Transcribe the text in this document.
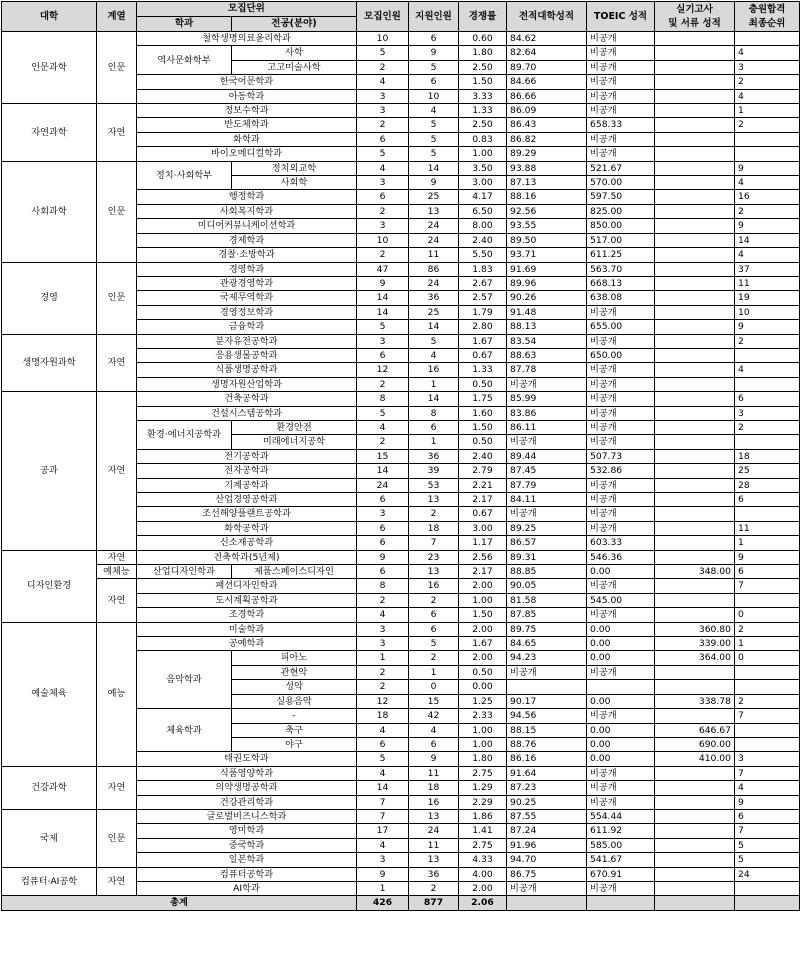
대학	계열	모집단위		모집인원	지원인원	경쟁률	전적대학성적	TOEIC 성적	실기고사
및 서류 성적	충원합격
최종순위
		학과	전공(분야)							
인문과학	인문	철학생명의료윤리학과		10	6	0.60	84.62	비공개		
		역사문화학부	사학	5	9	1.80	82.64	비공개		4
			고고미술사학	2	5	2.50	89.70	비공개		3
		한국어문학과		4	6	1.50	84.66	비공개		2
		아동학과		3	10	3.33	86.66	비공개		4
자연과학	자연	정보수학과		3	4	1.33	86.09	비공개		1
		반도체학과		2	5	2.50	86.43	658.33		2
		화학과		6	5	0.83	86.82	비공개		
		바이오메디컬학과		5	5	1.00	89.29	비공개		
사회과학	인문	정치·사회학부	정치외교학	4	14	3.50	93.88	521.67		9
			사회학	3	9	3.00	87.13	570.00		4
		행정학과		6	25	4.17	88.16	597.50		16
		사회복지학과		2	13	6.50	92.56	825.00		2
		미디어커뮤니케이션학과		3	24	8.00	93.55	850.00		9
		경제학과		10	24	2.40	89.50	517.00		14
		경찰·소방학과		2	11	5.50	93.71	611.25		4
경영	인문	경영학과		47	86	1.83	91.69	563.70		37
		관광경영학과		9	24	2.67	89.96	668.13		11
		국제무역학과		14	36	2.57	90.26	638.08		19
		경영정보학과		14	25	1.79	91.48	비공개		10
		금융학과		5	14	2.80	88.13	655.00		9
생명자원과학	자연	분자유전공학과		3	5	1.67	83.54	비공개		2
		응용생물공학과		6	4	0.67	88.63	650.00		
		식품생명공학과		12	16	1.33	87.78	비공개		4
		생명자원산업학과		2	1	0.50	비공개	비공개		
공과	자연	건축공학과		8	14	1.75	85.99	비공개		6
		건설시스템공학과		5	8	1.60	83.86	비공개		3
		환경·에너지공학과	환경안전	4	6	1.50	86.11	비공개		2
			미래에너지공학	2	1	0.50	비공개	비공개		
		전기공학과		15	36	2.40	89.44	507.73		18
		전자공학과		14	39	2.79	87.45	532.86		25
		기계공학과		24	53	2.21	87.79	비공개		28
		산업경영공학과		6	13	2.17	84.11	비공개		6
		조선해양플랜트공학과		3	2	0.67	비공개	비공개		
		화학공학과		6	18	3.00	89.25	비공개		11
		신소재공학과		6	7	1.17	86.57	603.33		1
디자인환경	자연	건축학과(5년제)		9	23	2.56	89.31	546.36		9
	예체능	산업디자인학과	제품스페이스디자인	6	13	2.17	88.85	0.00	348.00	6
	자연	패션디자인학과		8	16	2.00	90.05	비공개		7
		도시계획공학과		2	2	1.00	81.58	545.00		
		조경학과		4	6	1.50	87.85	비공개		0
예술체육	예능	미술학과		3	6	2.00	89.75	0.00	360.80	2
		공예학과		3	5	1.67	84.65	0.00	339.00	1
		음악학과	피아노	1	2	2.00	94.23	0.00	364.00	0
			관현악	2	1	0.50	비공개	비공개		
			성악	2	0	0.00				
			실용음악	12	15	1.25	90.17	0.00	338.78	2
		체육학과	-	18	42	2.33	94.56	비공개		7
			축구	4	4	1.00	88.15	0.00	646.67	
			야구	6	6	1.00	88.76	0.00	690.00	
		태권도학과		5	9	1.80	86.16	0.00	410.00	3
건강과학	자연	식품영양학과		4	11	2.75	91.64	비공개		7
		의약생명공학과		14	18	1.29	87.23	비공개		4
		건강관리학과		7	16	2.29	90.25	비공개		9
국제	인문	글로벌비즈니스학과		7	13	1.86	87.55	554.44		6
		영미학과		17	24	1.41	87.24	611.92		7
		중국학과		4	11	2.75	91.96	585.00		5
		일본학과		3	13	4.33	94.70	541.67		5
컴퓨터·AI공학	자연	컴퓨터공학과		9	36	4.00	86.75	670.91		24
		AI학과		1	2	2.00	비공개	비공개		
총계				426	877	2.06				
